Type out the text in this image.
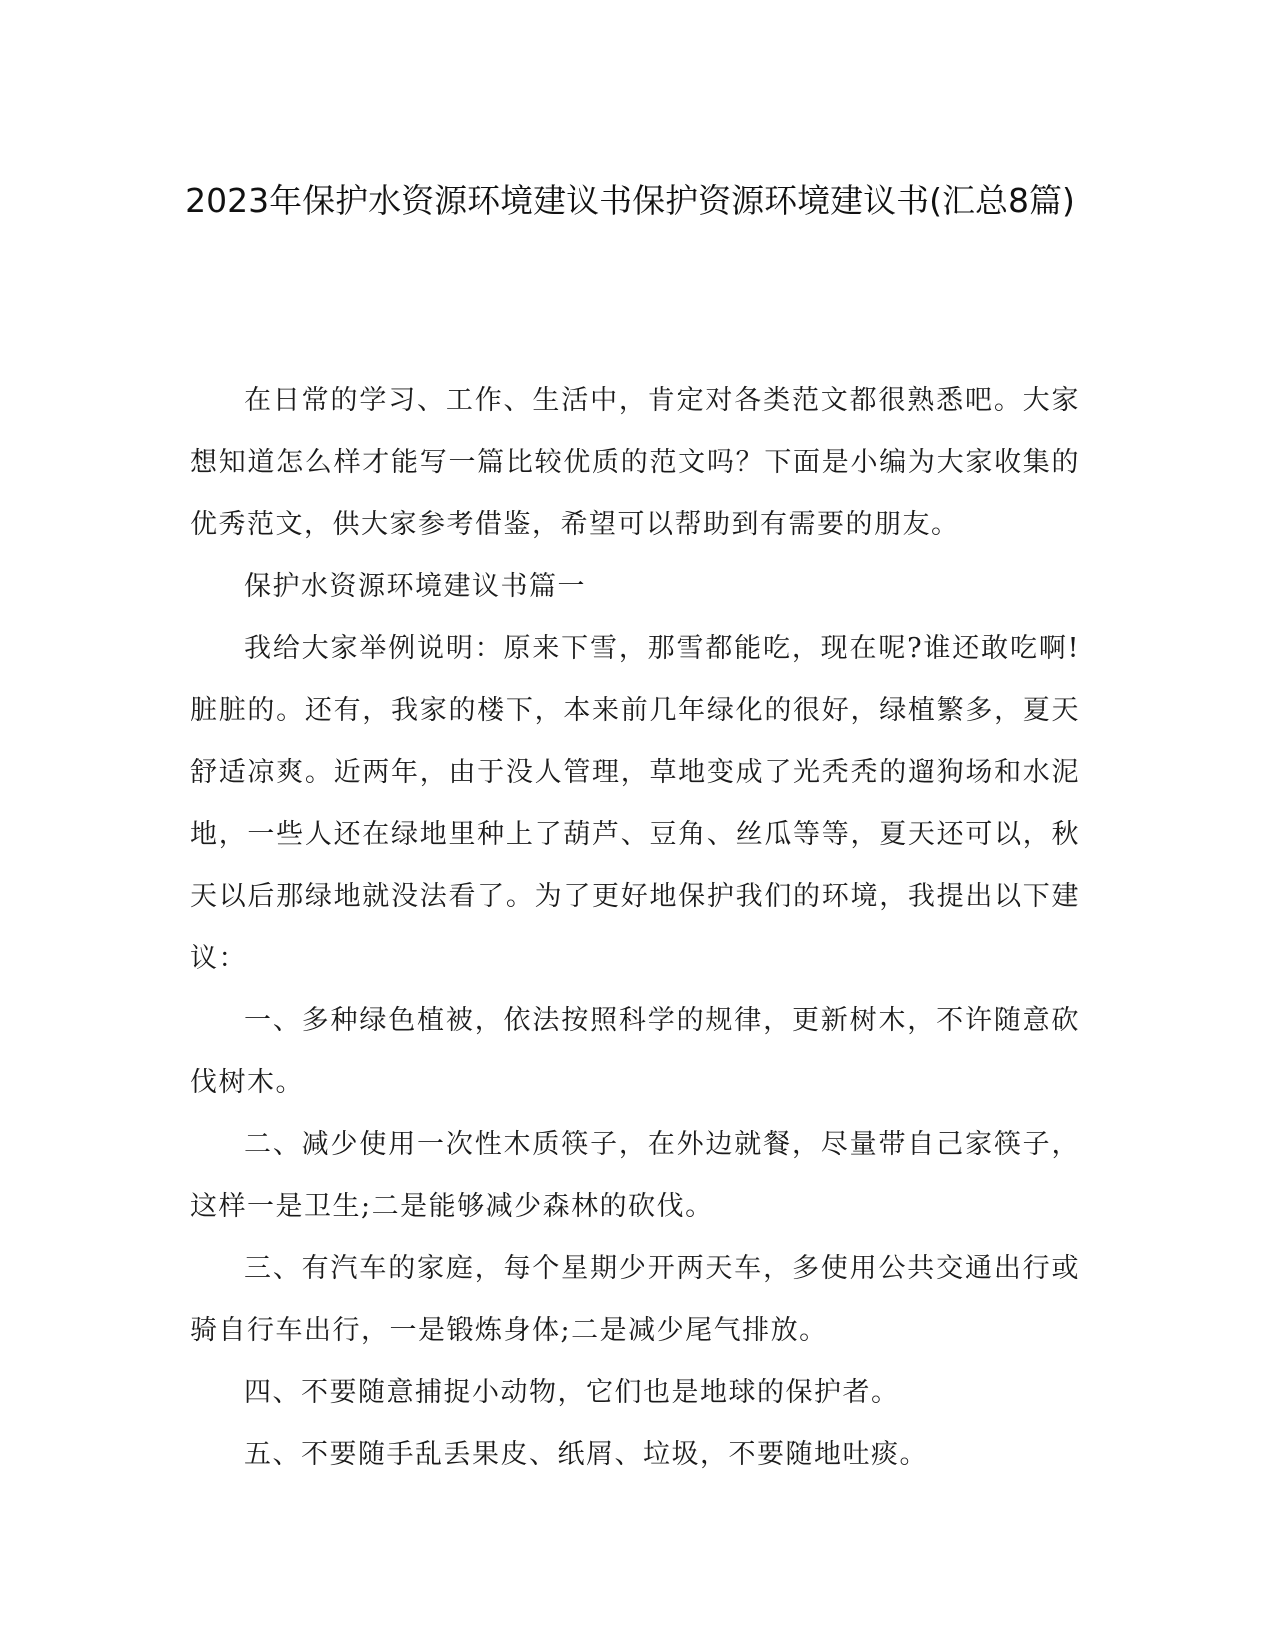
2023年保护水资源环境建议书保护资源环境建议书(汇总8篇)

在日常的学习、工作、生活中，肯定对各类范文都很熟悉吧。大家想知道怎么样才能写一篇比较优质的范文吗？下面是小编为大家收集的优秀范文，供大家参考借鉴，希望可以帮助到有需要的朋友。

保护水资源环境建议书篇一

我给大家举例说明：原来下雪，那雪都能吃，现在呢?谁还敢吃啊!脏脏的。还有，我家的楼下，本来前几年绿化的很好，绿植繁多，夏天舒适凉爽。近两年，由于没人管理，草地变成了光秃秃的遛狗场和水泥地，一些人还在绿地里种上了葫芦、豆角、丝瓜等等，夏天还可以，秋天以后那绿地就没法看了。为了更好地保护我们的环境，我提出以下建议：

一、多种绿色植被，依法按照科学的规律，更新树木，不许随意砍伐树木。

二、减少使用一次性木质筷子，在外边就餐，尽量带自己家筷子，这样一是卫生;二是能够减少森林的砍伐。

三、有汽车的家庭，每个星期少开两天车，多使用公共交通出行或骑自行车出行，一是锻炼身体;二是减少尾气排放。

四、不要随意捕捉小动物，它们也是地球的保护者。

五、不要随手乱丢果皮、纸屑、垃圾，不要随地吐痰。
